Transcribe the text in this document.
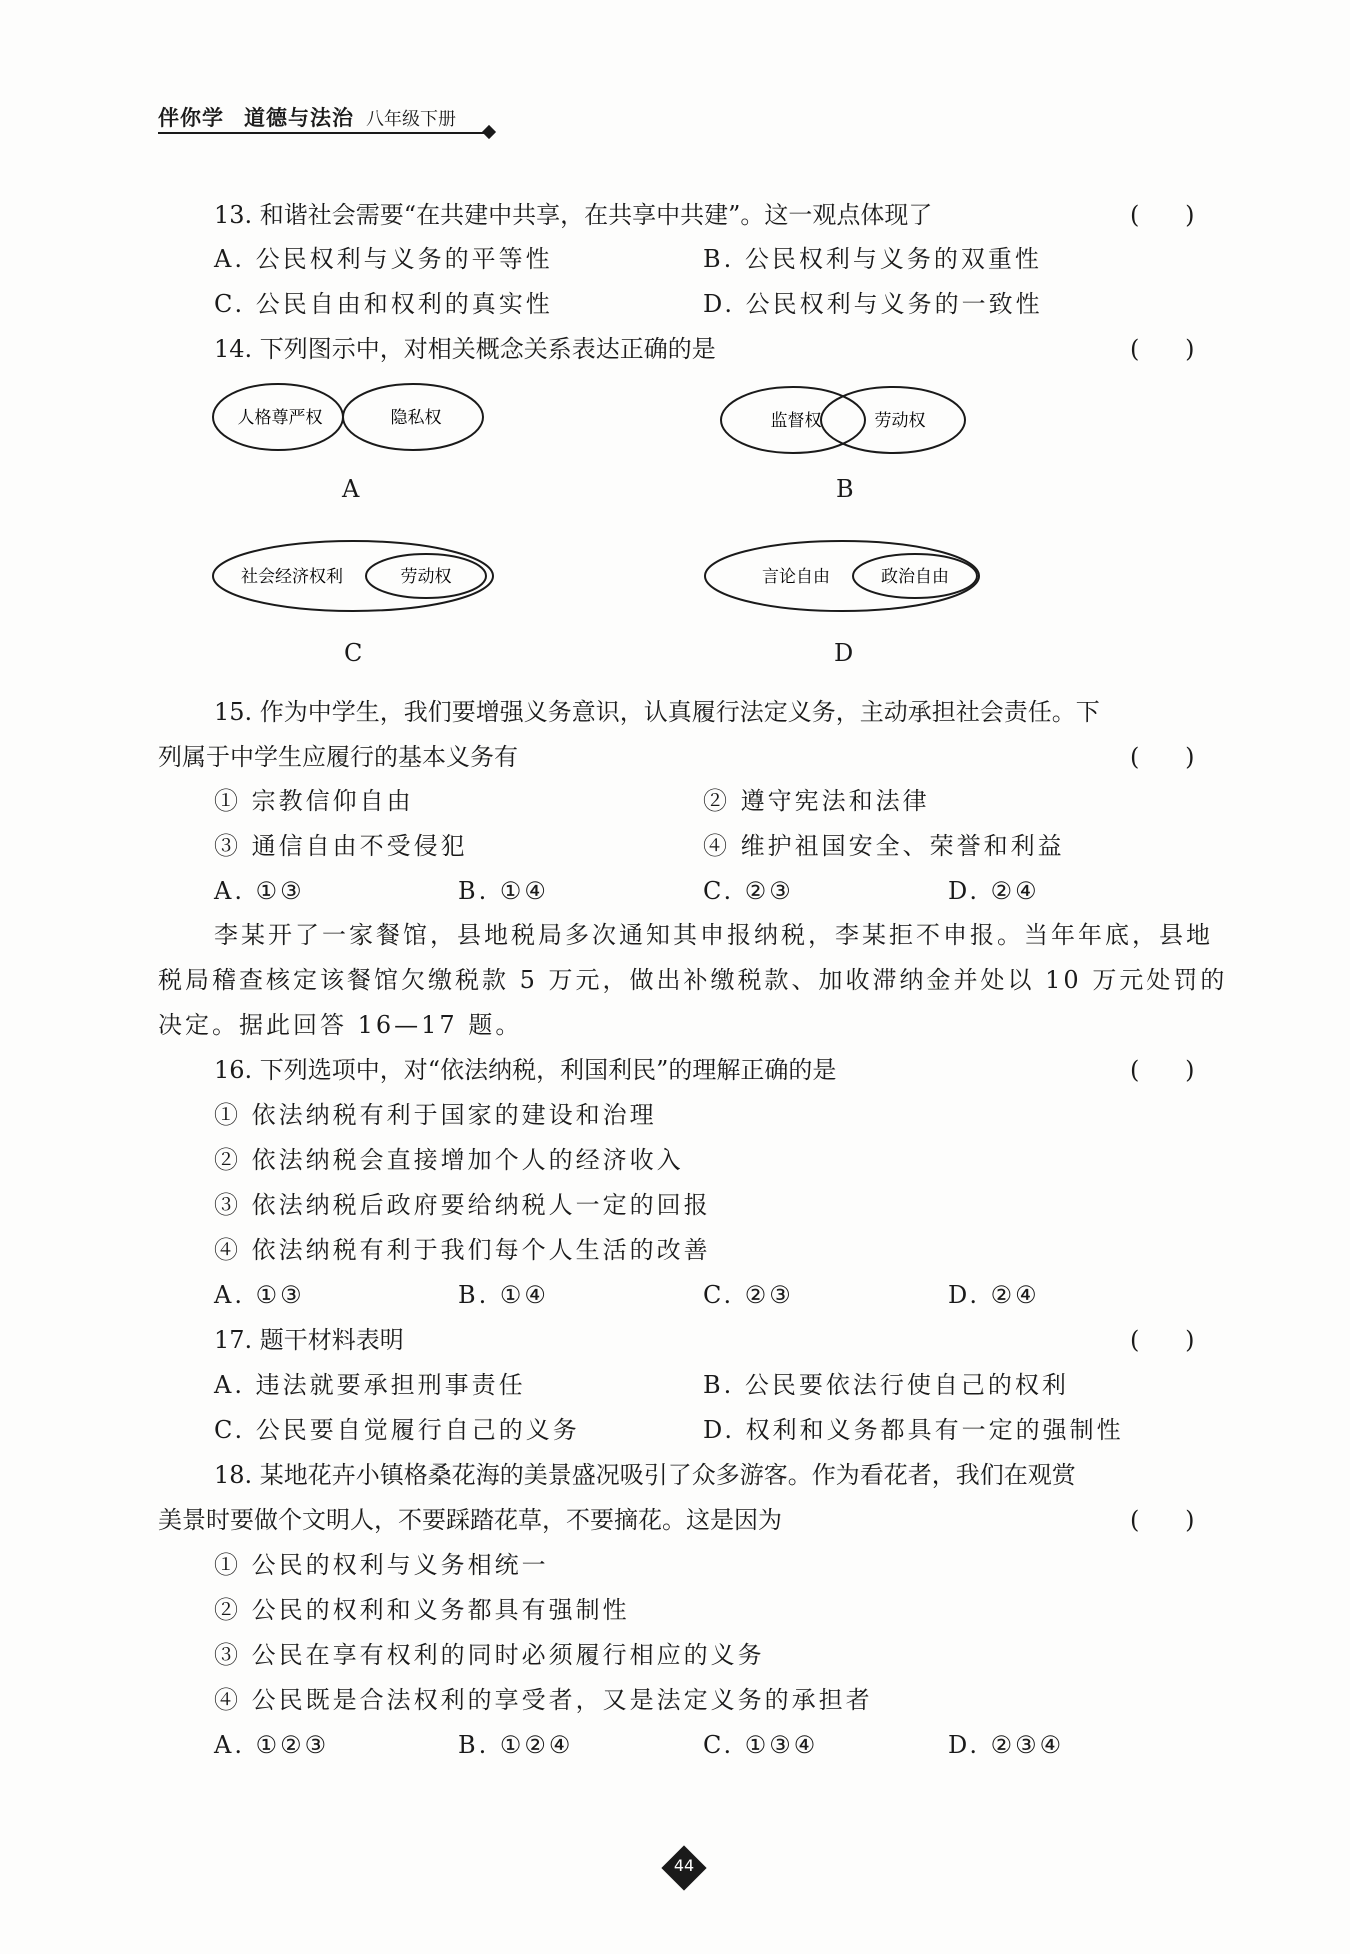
伴你学 道德与法治 八年级下册
13. 和谐社会需要“在共建中共享，在共享中共建”。这一观点体现了	(      )
A. 公民权利与义务的平等性	B. 公民权利与义务的双重性
C. 公民自由和权利的真实性	D. 公民权利与义务的一致性
14. 下列图示中，对相关概念关系表达正确的是	(      )
人格尊严权	隐私权
A
监督权	劳动权
B
社会经济权利	劳动权
C
言论自由	政治自由
D
15. 作为中学生，我们要增强义务意识，认真履行法定义务，主动承担社会责任。下
列属于中学生应履行的基本义务有	(      )
① 宗教信仰自由	② 遵守宪法和法律
③ 通信自由不受侵犯	④ 维护祖国安全、荣誉和利益
A. ①③	B. ①④	C. ②③	D. ②④
李某开了一家餐馆，县地税局多次通知其申报纳税，李某拒不申报。当年年底，县地
税局稽查核定该餐馆欠缴税款 5 万元，做出补缴税款、加收滞纳金并处以 10 万元处罚的
决定。据此回答 16—17 题。
16. 下列选项中，对“依法纳税，利国利民”的理解正确的是	(      )
① 依法纳税有利于国家的建设和治理
② 依法纳税会直接增加个人的经济收入
③ 依法纳税后政府要给纳税人一定的回报
④ 依法纳税有利于我们每个人生活的改善
A. ①③	B. ①④	C. ②③	D. ②④
17. 题干材料表明	(      )
A. 违法就要承担刑事责任	B. 公民要依法行使自己的权利
C. 公民要自觉履行自己的义务	D. 权利和义务都具有一定的强制性
18. 某地花卉小镇格桑花海的美景盛况吸引了众多游客。作为看花者，我们在观赏
美景时要做个文明人，不要踩踏花草，不要摘花。这是因为	(      )
① 公民的权利与义务相统一
② 公民的权利和义务都具有强制性
③ 公民在享有权利的同时必须履行相应的义务
④ 公民既是合法权利的享受者，又是法定义务的承担者
A. ①②③	B. ①②④	C. ①③④	D. ②③④
44
